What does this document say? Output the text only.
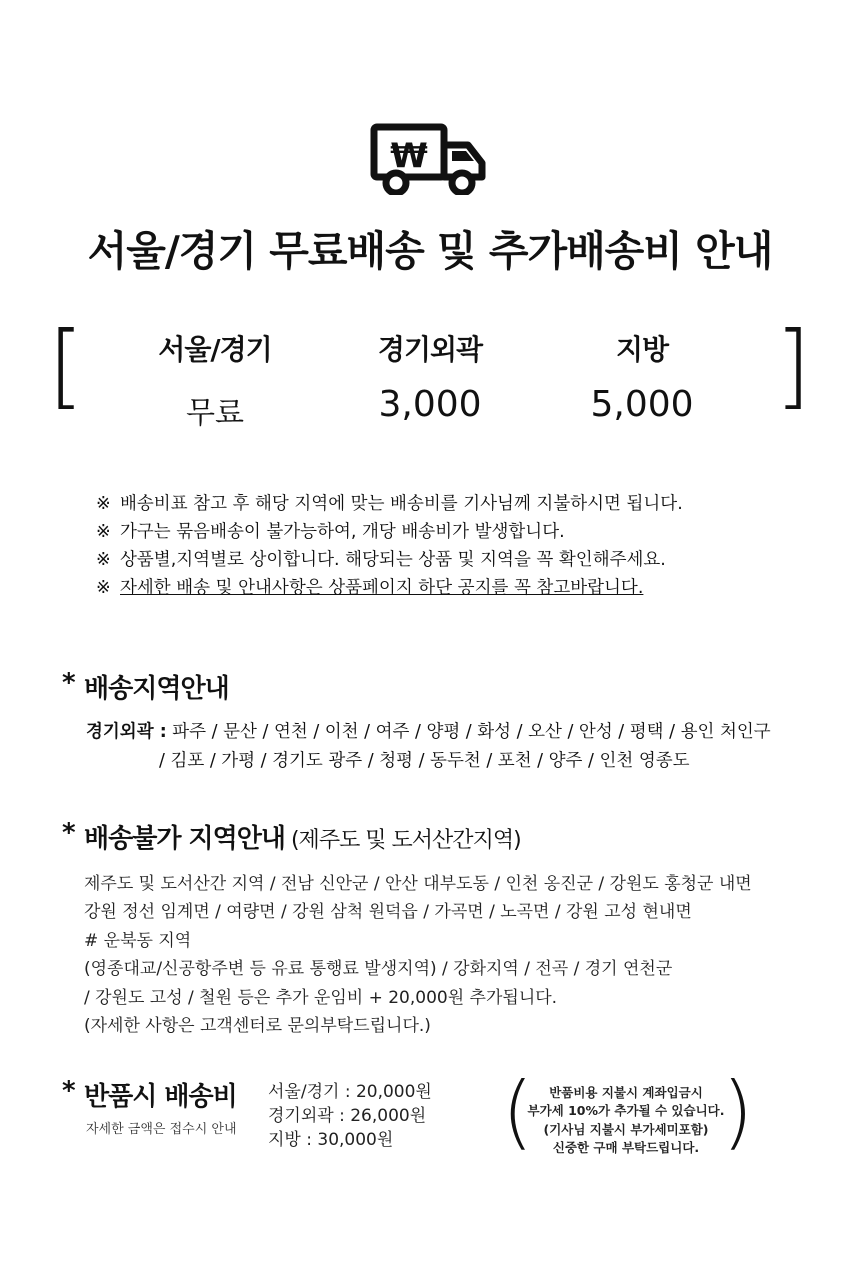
₩
서울/경기 무료배송 및 추가배송비 안내
[	]
서울/경기
무료
경기외곽
3,000
지방
5,000
※ 배송비표 참고 후 해당 지역에 맞는 배송비를 기사님께 지불하시면 됩니다.
※ 가구는 묶음배송이 불가능하여, 개당 배송비가 발생합니다.
※ 상품별,지역별로 상이합니다. 해당되는 상품 및 지역을 꼭 확인해주세요.
※ 자세한 배송 및 안내사항은 상품페이지 하단 공지를 꼭 참고바랍니다.
* 배송지역안내
경기외곽 : 파주 / 문산 / 연천 / 이천 / 여주 / 양평 / 화성 / 오산 / 안성 / 평택 / 용인 처인구
/ 김포 / 가평 / 경기도 광주 / 청평 / 동두천 / 포천 / 양주 / 인천 영종도
* 배송불가 지역안내 (제주도 및 도서산간지역)
제주도 및 도서산간 지역 / 전남 신안군 / 안산 대부도동 / 인천 옹진군 / 강원도 홍청군 내면
강원 정선 임계면 / 여량면 / 강원 삼척 원덕읍 / 가곡면 / 노곡면 / 강원 고성 현내면
# 운북동 지역
(영종대교/신공항주변 등 유료 통행료 발생지역) / 강화지역 / 전곡 / 경기 연천군
/ 강원도 고성 / 철원 등은 추가 운임비 + 20,000원 추가됩니다.
(자세한 사항은 고객센터로 문의부탁드립니다.)
* 반품시 배송비
자세한 금액은 접수시 안내
서울/경기 : 20,000원
경기외곽 : 26,000원
지방 : 30,000원	( )
반품비용 지불시 계좌입금시
부가세 10%가 추가될 수 있습니다.
(기사님 지불시 부가세미포함)
신중한 구매 부탁드립니다.
